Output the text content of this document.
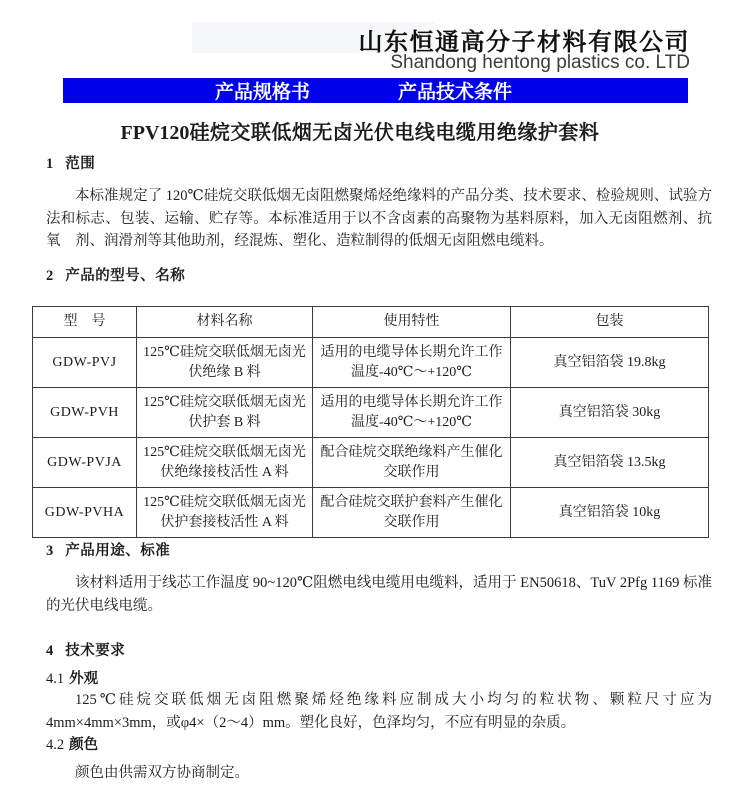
山东恒通高分子材料有限公司
Shandong hentong plastics co. LTD
产品规格书	产品技术条件
FPV120硅烷交联低烟无卤光伏电线电缆用绝缘护套料
1 范围
本标准规定了 120℃硅烷交联低烟无卤阻燃聚烯烃绝缘料的产品分类、技术要求、检验规则、试验方法和标志、包装、运输、贮存等。本标准适用于以不含卤素的高聚物为基料原料，加入无卤阻燃剂、抗氧　剂、润滑剂等其他助剂，经混炼、塑化、造粒制得的低烟无卤阻燃电缆料。
2 产品的型号、名称
型　号	材料名称	使用特性	包装
GDW-PVJ	125℃硅烷交联低烟无卤光伏绝缘 B 料	适用的电缆导体长期允许工作温度-40℃～+120℃	真空铝箔袋 19.8kg
GDW-PVH	125℃硅烷交联低烟无卤光伏护套 B 料	适用的电缆导体长期允许工作温度-40℃～+120℃	真空铝箔袋 30kg
GDW-PVJA	125℃硅烷交联低烟无卤光伏绝缘接枝活性 A 料	配合硅烷交联绝缘料产生催化交联作用	真空铝箔袋 13.5kg
GDW-PVHA	125℃硅烷交联低烟无卤光伏护套接枝活性 A 料	配合硅烷交联护套料产生催化交联作用	真空铝箔袋 10kg
3 产品用途、标准
该材料适用于线芯工作温度 90~120℃阻燃电线电缆用电缆料，适用于 EN50618、TuV 2Pfg 1169 标准的光伏电线电缆。
4 技术要求
4.1 外观
125℃硅烷交联低烟无卤阻燃聚烯烃绝缘料应制成大小均匀的粒状物、颗粒尺寸应为 4mm×4mm×3mm，或φ4×（2～4）mm。塑化良好，色泽均匀，不应有明显的杂质。
4.2 颜色
颜色由供需双方协商制定。
